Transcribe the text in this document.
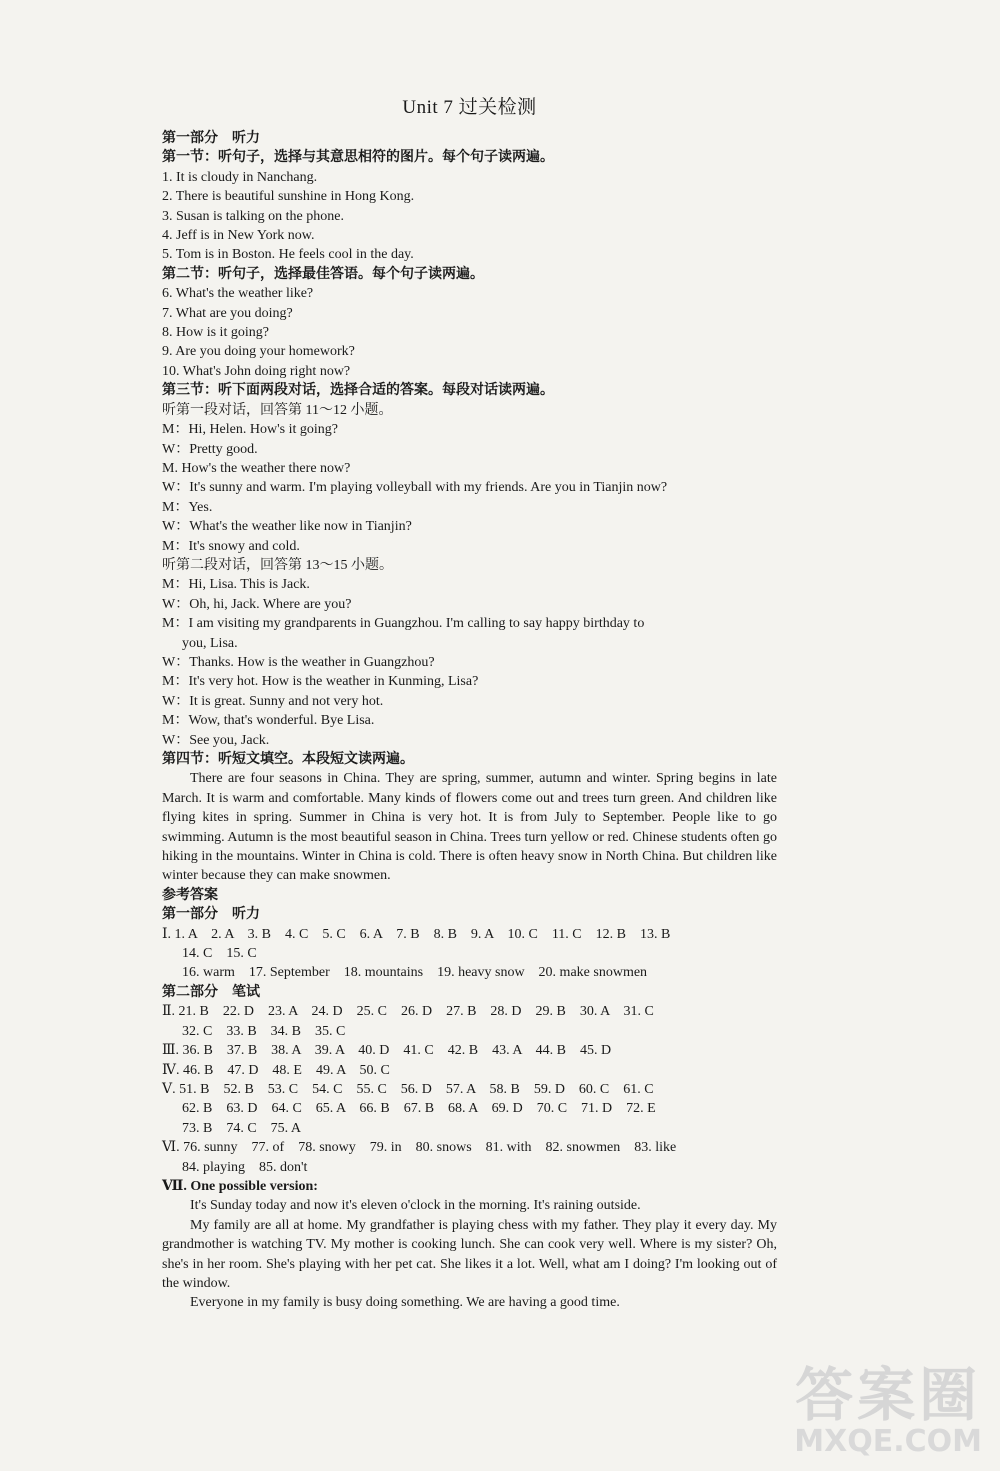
Unit 7 过关检测
第一部分　听力
第一节：听句子，选择与其意思相符的图片。每个句子读两遍。
1. It is cloudy in Nanchang.
2. There is beautiful sunshine in Hong Kong.
3. Susan is talking on the phone.
4. Jeff is in New York now.
5. Tom is in Boston. He feels cool in the day.
第二节：听句子，选择最佳答语。每个句子读两遍。
6. What's the weather like?
7. What are you doing?
8. How is it going?
9. Are you doing your homework?
10. What's John doing right now?
第三节：听下面两段对话，选择合适的答案。每段对话读两遍。
听第一段对话，回答第 11～12 小题。
M：Hi, Helen. How's it going?
W：Pretty good.
M. How's the weather there now?
W：It's sunny and warm. I'm playing volleyball with my friends. Are you in Tianjin now?
M：Yes.
W：What's the weather like now in Tianjin?
M：It's snowy and cold.
听第二段对话，回答第 13～15 小题。
M：Hi, Lisa. This is Jack.
W：Oh, hi, Jack. Where are you?
M：I am visiting my grandparents in Guangzhou. I'm calling to say happy birthday to
you, Lisa.
W：Thanks. How is the weather in Guangzhou?
M：It's very hot. How is the weather in Kunming, Lisa?
W：It is great. Sunny and not very hot.
M：Wow, that's wonderful. Bye Lisa.
W：See you, Jack.
第四节：听短文填空。本段短文读两遍。
There are four seasons in China. They are spring, summer, autumn and winter. Spring begins in late March. It is warm and comfortable. Many kinds of flowers come out and trees turn green. And children like flying kites in spring. Summer in China is very hot. It is from July to September. People like to go swimming. Autumn is the most beautiful season in China. Trees turn yellow or red. Chinese students often go hiking in the mountains. Winter in China is cold. There is often heavy snow in North China. But children like winter because they can make snowmen.
参考答案
第一部分　听力
Ⅰ. 1. A　2. A　3. B　4. C　5. C　6. A　7. B　8. B　9. A　10. C　11. C　12. B　13. B
14. C　15. C
16. warm　17. September　18. mountains　19. heavy snow　20. make snowmen
第二部分　笔试
Ⅱ. 21. B　22. D　23. A　24. D　25. C　26. D　27. B　28. D　29. B　30. A　31. C
32. C　33. B　34. B　35. C
Ⅲ. 36. B　37. B　38. A　39. A　40. D　41. C　42. B　43. A　44. B　45. D
Ⅳ. 46. B　47. D　48. E　49. A　50. C
Ⅴ. 51. B　52. B　53. C　54. C　55. C　56. D　57. A　58. B　59. D　60. C　61. C
62. B　63. D　64. C　65. A　66. B　67. B　68. A　69. D　70. C　71. D　72. E
73. B　74. C　75. A
Ⅵ. 76. sunny　77. of　78. snowy　79. in　80. snows　81. with　82. snowmen　83. like
84. playing　85. don't
Ⅶ. One possible version:
It's Sunday today and now it's eleven o'clock in the morning. It's raining outside.
My family are all at home. My grandfather is playing chess with my father. They play it every day. My grandmother is watching TV. My mother is cooking lunch. She can cook very well. Where is my sister? Oh, she's in her room. She's playing with her pet cat. She likes it a lot. Well, what am I doing? I'm looking out of the window.
Everyone in my family is busy doing something. We are having a good time.
答案圈
MXQE.COM
